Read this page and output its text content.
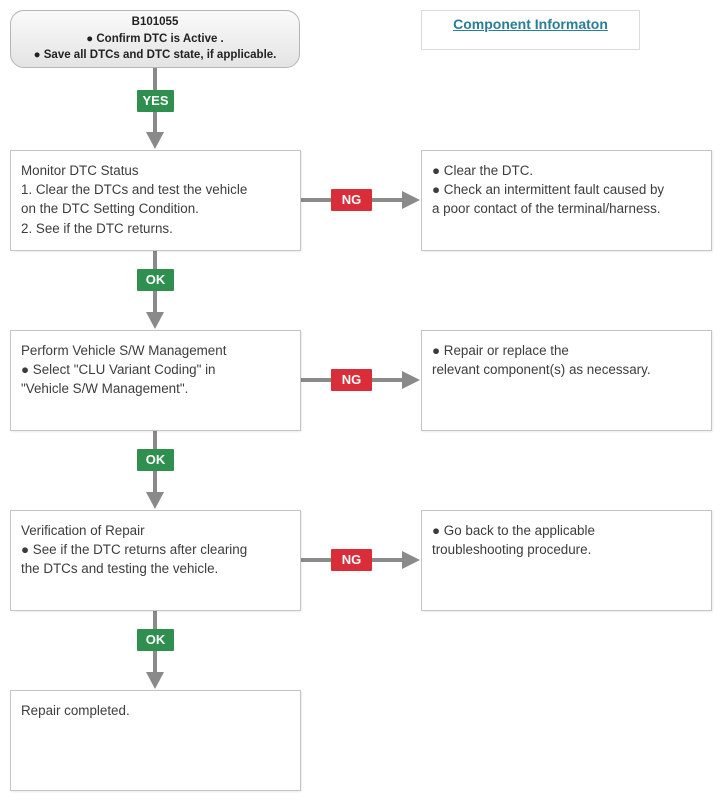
B101055
● Confirm DTC is Active .
● Save all DTCs and DTC state, if applicable.
Component Informaton
YES
OK
OK
OK
NG
NG
NG
Monitor DTC Status
1. Clear the DTCs and test the vehicle
on the DTC Setting Condition.
2. See if the DTC returns.
● Clear the DTC.
● Check an intermittent fault caused by
a poor contact of the terminal/harness.
Perform Vehicle S/W Management
● Select "CLU Variant Coding" in
"Vehicle S/W Management".
● Repair or replace the
relevant component(s) as necessary.
Verification of Repair
● See if the DTC returns after clearing
the DTCs and testing the vehicle.
● Go back to the applicable
troubleshooting procedure.
Repair completed.
